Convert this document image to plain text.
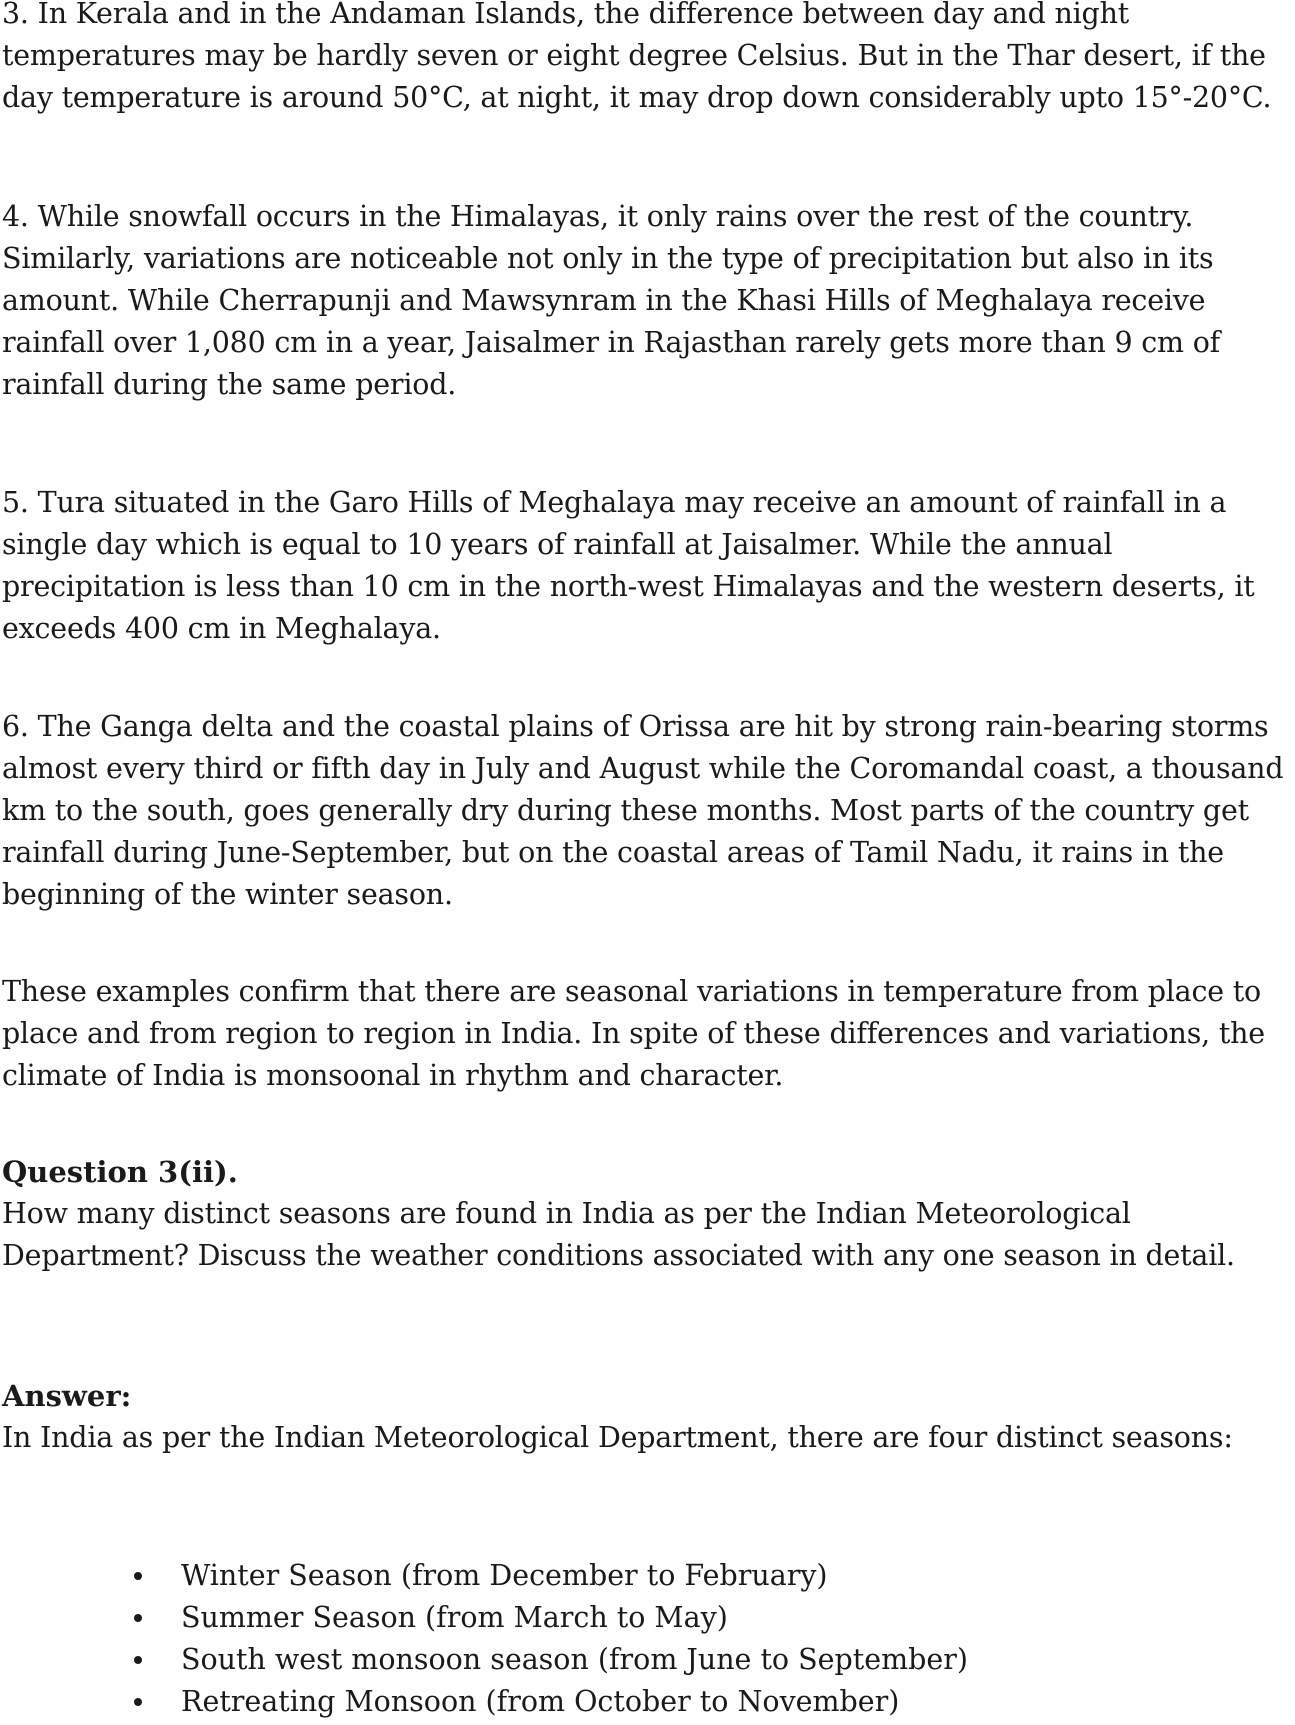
3. In Kerala and in the Andaman Islands, the difference between day and night temperatures may be hardly seven or eight degree Celsius. But in the Thar desert, if the day temperature is around 50°C, at night, it may drop down considerably upto 15°-20°C.

4. While snowfall occurs in the Himalayas, it only rains over the rest of the country. Similarly, variations are noticeable not only in the type of precipitation but also in its amount. While Cherrapunji and Mawsynram in the Khasi Hills of Meghalaya receive rainfall over 1,080 cm in a year, Jaisalmer in Rajasthan rarely gets more than 9 cm of rainfall during the same period.

5. Tura situated in the Garo Hills of Meghalaya may receive an amount of rainfall in a single day which is equal to 10 years of rainfall at Jaisalmer. While the annual precipitation is less than 10 cm in the north-west Himalayas and the western deserts, it exceeds 400 cm in Meghalaya.

6. The Ganga delta and the coastal plains of Orissa are hit by strong rain-bearing storms almost every third or fifth day in July and August while the Coromandal coast, a thousand km to the south, goes generally dry during these months. Most parts of the country get rainfall during June-September, but on the coastal areas of Tamil Nadu, it rains in the beginning of the winter season.

These examples confirm that there are seasonal variations in temperature from place to place and from region to region in India. In spite of these differences and variations, the climate of India is monsoonal in rhythm and character.

Question 3(ii).

How many distinct seasons are found in India as per the Indian Meteorological Department? Discuss the weather conditions associated with any one season in detail.

Answer:

In India as per the Indian Meteorological Department, there are four distinct seasons:

Winter Season (from December to February)
Summer Season (from March to May)
South west monsoon season (from June to September)
Retreating Monsoon (from October to November)
